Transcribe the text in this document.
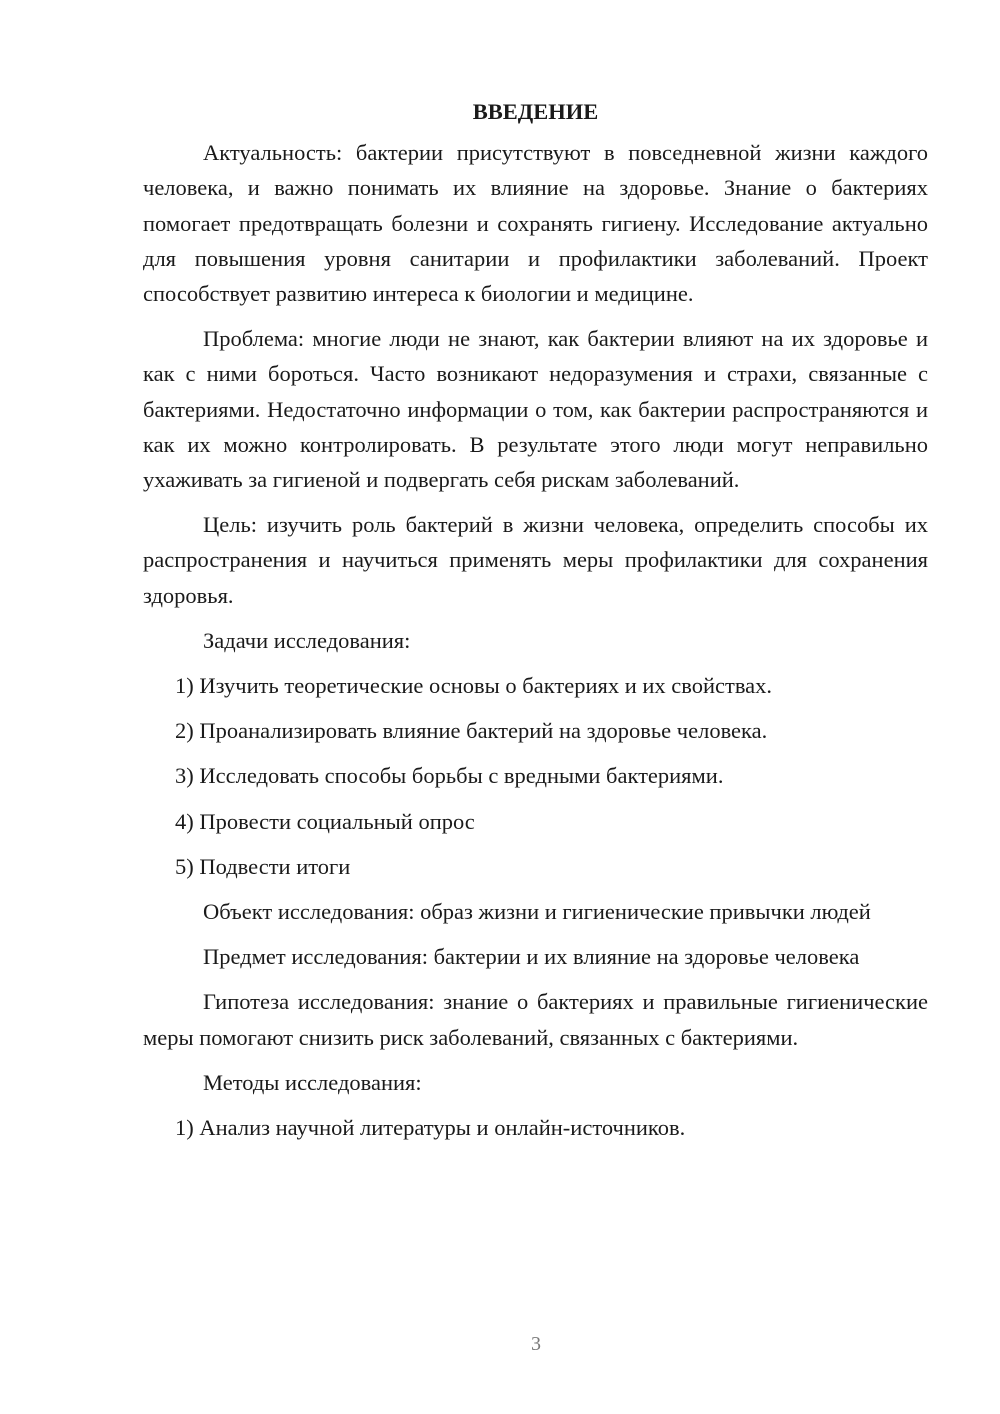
ВВЕДЕНИЕ

Актуальность: бактерии присутствуют в повседневной жизни каждого человека, и важно понимать их влияние на здоровье. Знание о бактериях помогает предотвращать болезни и сохранять гигиену. Исследование актуально для повышения уровня санитарии и профилактики заболеваний. Проект способствует развитию интереса к биологии и медицине.

Проблема: многие люди не знают, как бактерии влияют на их здоровье и как с ними бороться. Часто возникают недоразумения и страхи, связанные с бактериями. Недостаточно информации о том, как бактерии распространяются и как их можно контролировать. В результате этого люди могут неправильно ухаживать за гигиеной и подвергать себя рискам заболеваний.

Цель: изучить роль бактерий в жизни человека, определить способы их распространения и научиться применять меры профилактики для сохранения здоровья.

Задачи исследования:

1) Изучить теоретические основы о бактериях и их свойствах.

2) Проанализировать влияние бактерий на здоровье человека.

3) Исследовать способы борьбы с вредными бактериями.

4) Провести социальный опрос

5) Подвести итоги

Объект исследования: образ жизни и гигиенические привычки людей

Предмет исследования: бактерии и их влияние на здоровье человека

Гипотеза исследования: знание о бактериях и правильные гигиенические меры помогают снизить риск заболеваний, связанных с бактериями.

Методы исследования:

1) Анализ научной литературы и онлайн-источников.

3
